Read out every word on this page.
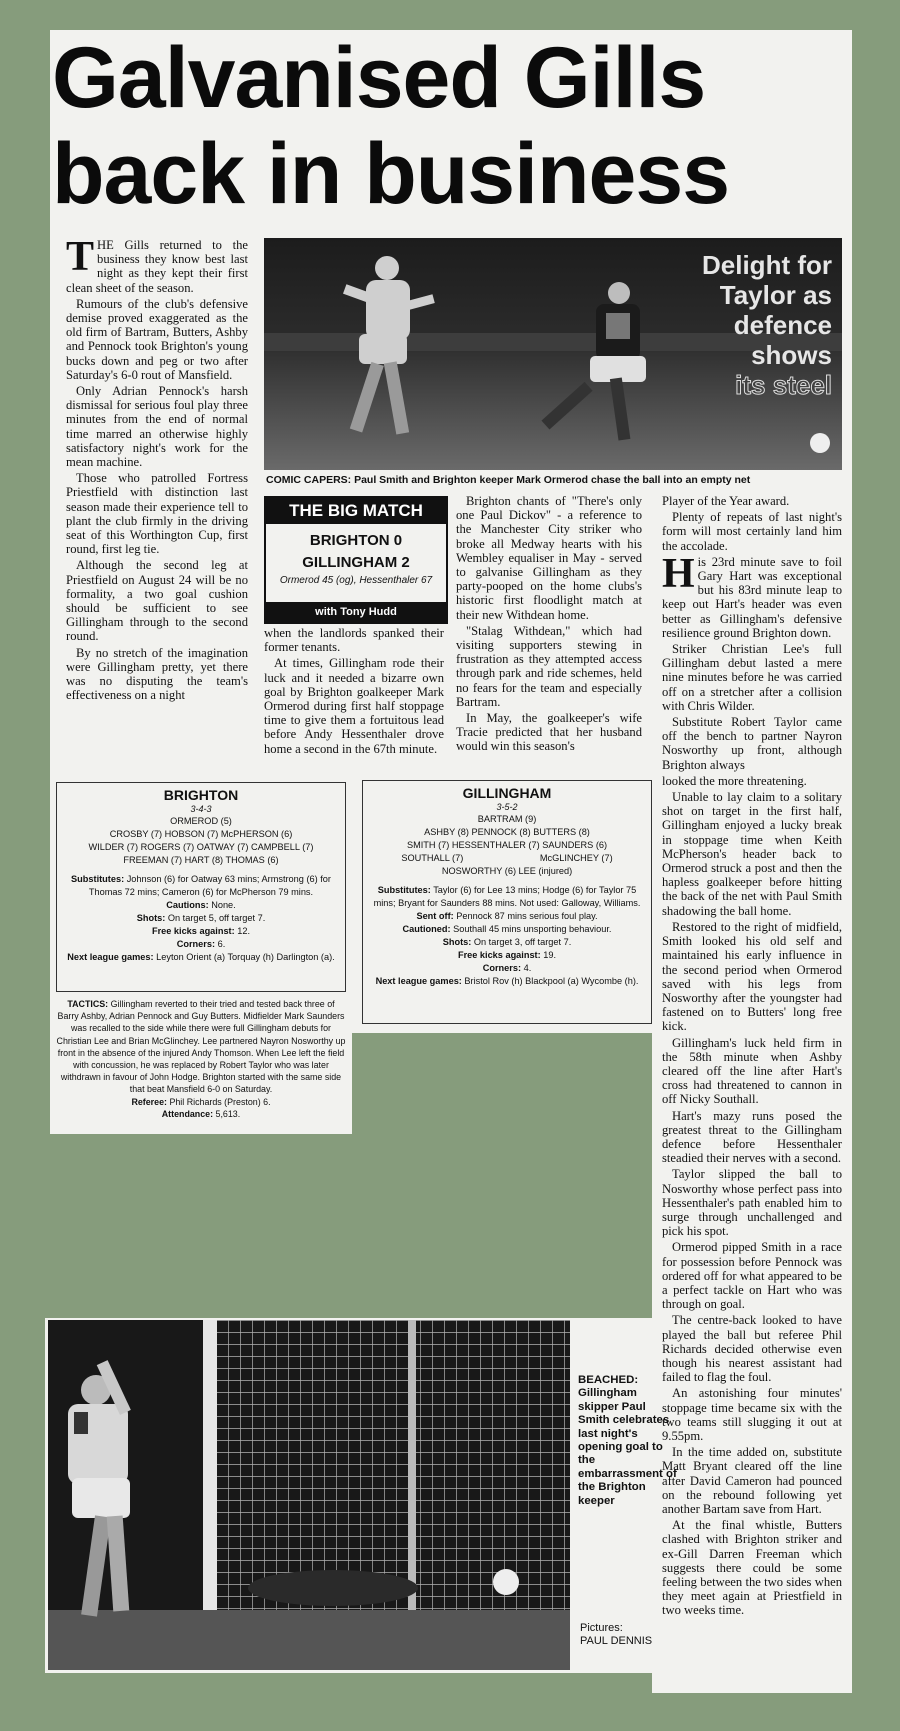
Galvanised Gills
back in business

THE Gills returned to the business they know best last night as they kept their first clean sheet of the season.

Rumours of the club's defensive demise proved exaggerated as the old firm of Bartram, Butters, Ashby and Pennock took Brighton's young bucks down and peg or two after Saturday's 6-0 rout of Mansfield.

Only Adrian Pennock's harsh dismissal for serious foul play three minutes from the end of normal time marred an otherwise highly satisfactory night's work for the mean machine.

Those who patrolled Fortress Priestfield with distinction last season made their experience tell to plant the club firmly in the driving seat of this Worthington Cup, first round, first leg tie.

Although the second leg at Priestfield on August 24 will be no formality, a two goal cushion should be sufficient to see Gillingham through to the second round.

By no stretch of the imagination were Gillingham pretty, yet there was no disputing the team's effectiveness on a night

Delight for
Taylor as
defence
shows
its steel
COMIC CAPERS: Paul Smith and Brighton keeper Mark Ormerod chase the ball into an empty net
THE BIG MATCH
BRIGHTON 0
GILLINGHAM 2
Ormerod 45 (og), Hessenthaler 67
with Tony Hudd

when the landlords spanked their former tenants.

At times, Gillingham rode their luck and it needed a bizarre own goal by Brighton goalkeeper Mark Ormerod during first half stoppage time to give them a fortuitous lead before Andy Hessenthaler drove home a second in the 67th minute.

Brighton chants of "There's only one Paul Dickov" - a reference to the Manchester City striker who broke all Medway hearts with his Wembley equaliser in May - served to galvanise Gillingham as they party-pooped on the home clubs's historic first floodlight match at their new Withdean home.

"Stalag Withdean," which had visiting supporters stewing in frustration as they attempted access through park and ride schemes, held no fears for the team and especially Bartram.

In May, the goalkeeper's wife Tracie predicted that her husband would win this season's

Player of the Year award.

Plenty of repeats of last night's form will most certainly land him the accolade.

His 23rd minute save to foil Gary Hart was exceptional but his 83rd minute leap to keep out Hart's header was even better as Gillingham's defensive resilience ground Brighton down.

Striker Christian Lee's full Gillingham debut lasted a mere nine minutes before he was carried off on a stretcher after a collision with Chris Wilder.

Substitute Robert Taylor came off the bench to partner Nayron Nosworthy up front, although Brighton always

looked the more threatening.

Unable to lay claim to a solitary shot on target in the first half, Gillingham enjoyed a lucky break in stoppage time when Keith McPherson's header back to Ormerod struck a post and then the hapless goalkeeper before hitting the back of the net with Paul Smith shadowing the ball home.

Restored to the right of midfield, Smith looked his old self and maintained his early influence in the second period when Ormerod saved with his legs from Nosworthy after the youngster had fastened on to Butters' long free kick.

Gillingham's luck held firm in the 58th minute when Ashby cleared off the line after Hart's cross had threatened to cannon in off Nicky Southall.

Hart's mazy runs posed the greatest threat to the Gillingham defence before Hessenthaler steadied their nerves with a second.

Taylor slipped the ball to Nosworthy whose perfect pass into Hessenthaler's path enabled him to surge through unchallenged and pick his spot.

Ormerod pipped Smith in a race for possession before Pennock was ordered off for what appeared to be a perfect tackle on Hart who was through on goal.

The centre-back looked to have played the ball but referee Phil Richards decided otherwise even though his nearest assistant had failed to flag the foul.

An astonishing four minutes' stoppage time became six with the two teams still slugging it out at 9.55pm.

In the time added on, substitute Matt Bryant cleared off the line after David Cameron had pounced on the rebound following yet another Bartam save from Hart.

At the final whistle, Butters clashed with Brighton striker and ex-Gill Darren Freeman which suggests there could be some feeling between the two sides when they meet again at Priestfield in two weeks time.

BRIGHTON
3-4-3
ORMEROD (5)
CROSBY (7) HOBSON (7) McPHERSON (6)
WILDER (7) ROGERS (7) OATWAY (7) CAMPBELL (7)
FREEMAN (7) HART (8) THOMAS (6)
Substitutes: Johnson (6) for Oatway 63 mins; Armstrong (6) for Thomas 72 mins; Cameron (6) for McPherson 79 mins.
Cautions: None.
Shots: On target 5, off target 7.
Free kicks against: 12.
Corners: 6.
Next league games: Leyton Orient (a) Torquay (h) Darlington (a).
GILLINGHAM
3-5-2
BARTRAM (9)
ASHBY (8) PENNOCK (8) BUTTERS (8)
SMITH (7) HESSENTHALER (7) SAUNDERS (6)
SOUTHALL (7)                              McGLINCHEY (7)
NOSWORTHY (6) LEE (injured)
Substitutes: Taylor (6) for Lee 13 mins; Hodge (6) for Taylor 75 mins; Bryant for Saunders 88 mins. Not used: Galloway, Williams.
Sent off: Pennock 87 mins serious foul play.
Cautioned: Southall 45 mins unsporting behaviour.
Shots: On target 3, off target 7.
Free kicks against: 19.
Corners: 4.
Next league games: Bristol Rov (h) Blackpool (a) Wycombe (h).
TACTICS: Gillingham reverted to their tried and tested back three of Barry Ashby, Adrian Pennock and Guy Butters. Midfielder Mark Saunders was recalled to the side while there were full Gillingham debuts for Christian Lee and Brian McGlinchey. Lee partnered Nayron Nosworthy up front in the absence of the injured Andy Thomson. When Lee left the field with concussion, he was replaced by Robert Taylor who was later withdrawn in favour of John Hodge. Brighton started with the same side that beat Mansfield 6-0 on Saturday.
Referee: Phil Richards (Preston) 6.
Attendance: 5,613.
BEACHED: Gillingham skipper Paul Smith celebrates last night's opening goal to the embarrassment of the Brighton keeper
Pictures:
PAUL DENNIS
